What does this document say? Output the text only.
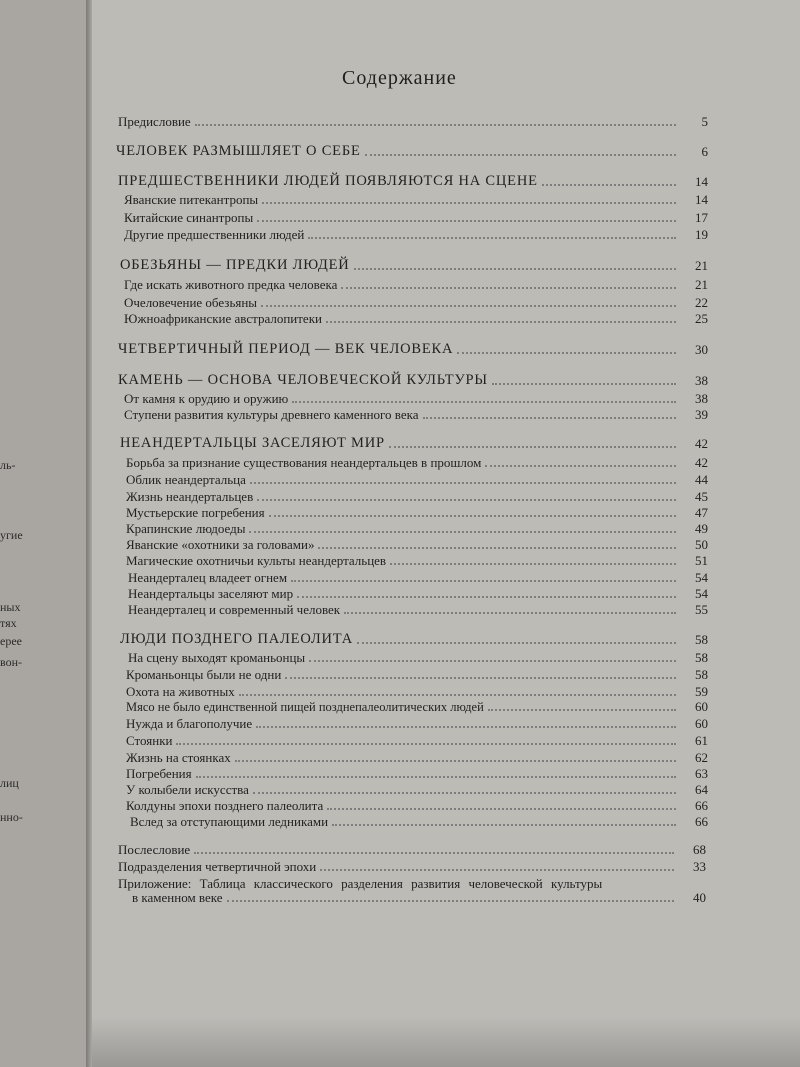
ль-
угие
ных
тях
ерее
вон-
лиц
нно-
Содержание
Предисловие	5
ЧЕЛОВЕК РАЗМЫШЛЯЕТ О СЕБЕ	6
ПРЕДШЕСТВЕННИКИ ЛЮДЕЙ ПОЯВЛЯЮТСЯ НА СЦЕНЕ	14
Яванские питекантропы	14
Китайские синантропы	17
Другие предшественники людей	19
ОБЕЗЬЯНЫ — ПРЕДКИ ЛЮДЕЙ	21
Где искать животного предка человека	21
Очеловечение обезьяны	22
Южноафриканские австралопитеки	25
ЧЕТВЕРТИЧНЫЙ ПЕРИОД — ВЕК ЧЕЛОВЕКА	30
КАМЕНЬ — ОСНОВА ЧЕЛОВЕЧЕСКОЙ КУЛЬТУРЫ	38
От камня к орудию и оружию	38
Ступени развития культуры древнего каменного века	39
НЕАНДЕРТАЛЬЦЫ ЗАСЕЛЯЮТ МИР	42
Борьба за признание существования неандертальцев в прошлом	42
Облик неандертальца	44
Жизнь неандертальцев	45
Мустьерские погребения	47
Крапинские людоеды	49
Яванские «охотники за головами»	50
Магические охотничьи культы неандертальцев	51
Неандерталец владеет огнем	54
Неандертальцы заселяют мир	54
Неандерталец и современный человек	55
ЛЮДИ ПОЗДНЕГО ПАЛЕОЛИТА	58
На сцену выходят кроманьонцы	58
Кроманьонцы были не одни	58
Охота на животных	59
Мясо не было единственной пищей позднепалеолитических людей	60
Нужда и благополучие	60
Стоянки	61
Жизнь на стоянках	62
Погребения	63
У колыбели искусства	64
Колдуны эпохи позднего палеолита	66
Вслед за отступающими ледниками	66
Послесловие	68
Подразделения четвертичной эпохи	33
Приложение: Таблица классического разделения развития человеческой культуры
в каменном веке	40
